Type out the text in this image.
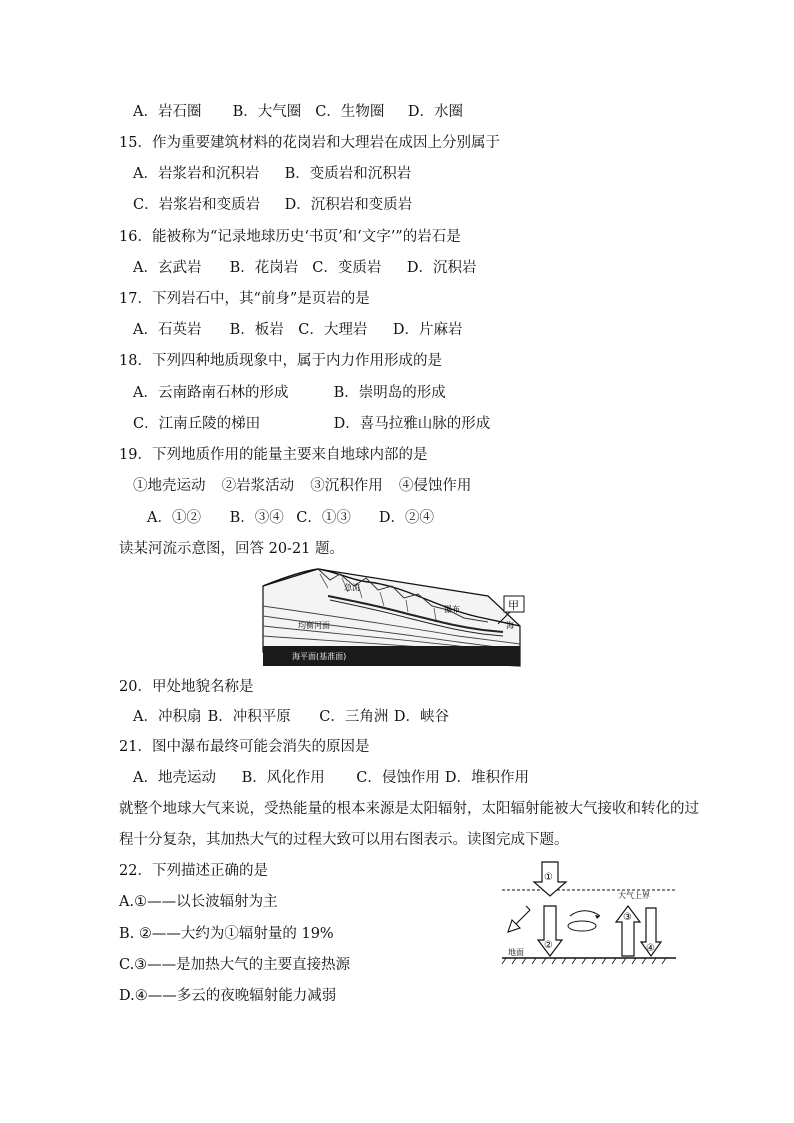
A．岩石圈 B．大气圈 C．生物圈 D．水圈
15．作为重要建筑材料的花岗岩和大理岩在成因上分别属于
A．岩浆岩和沉积岩 B．变质岩和沉积岩
C．岩浆岩和变质岩 D．沉积岩和变质岩
16．能被称为“记录地球历史‘书页’和‘文字’”的岩石是
A．玄武岩 B．花岗岩 C．变质岩 D．沉积岩
17．下列岩石中，其“前身”是页岩的是
A．石英岩 B．板岩 C．大理岩 D．片麻岩
18．下列四种地质现象中，属于内力作用形成的是
A．云南路南石林的形成	B．崇明岛的形成
C．江南丘陵的梯田	D．喜马拉雅山脉的形成
19．下列地质作用的能量主要来自地球内部的是
①地壳运动 ②岩浆活动 ③沉积作用 ④侵蚀作用
A．①② B．③④ C．①③ D．②④
读某河流示意图，回答 20-21 题。
甲
急流
瀑布
海
均衡河面
海平面(基准面)
20．甲处地貌名称是
A．冲积扇 B．冲积平原 C．三角洲 D．峡谷
21．图中瀑布最终可能会消失的原因是
A．地壳运动 B．风化作用 C．侵蚀作用 D．堆积作用
就整个地球大气来说，受热能量的根本来源是太阳辐射，太阳辐射能被大气接收和转化的过
程十分复杂，其加热大气的过程大致可以用右图表示。读图完成下题。
22．下列描述正确的是
A.①——以长波辐射为主
B. ②——大约为①辐射量的 19%
C.③——是加热大气的主要直接热源
D.④——多云的夜晚辐射能力减弱
大气上界
地面
①
②
③
④
